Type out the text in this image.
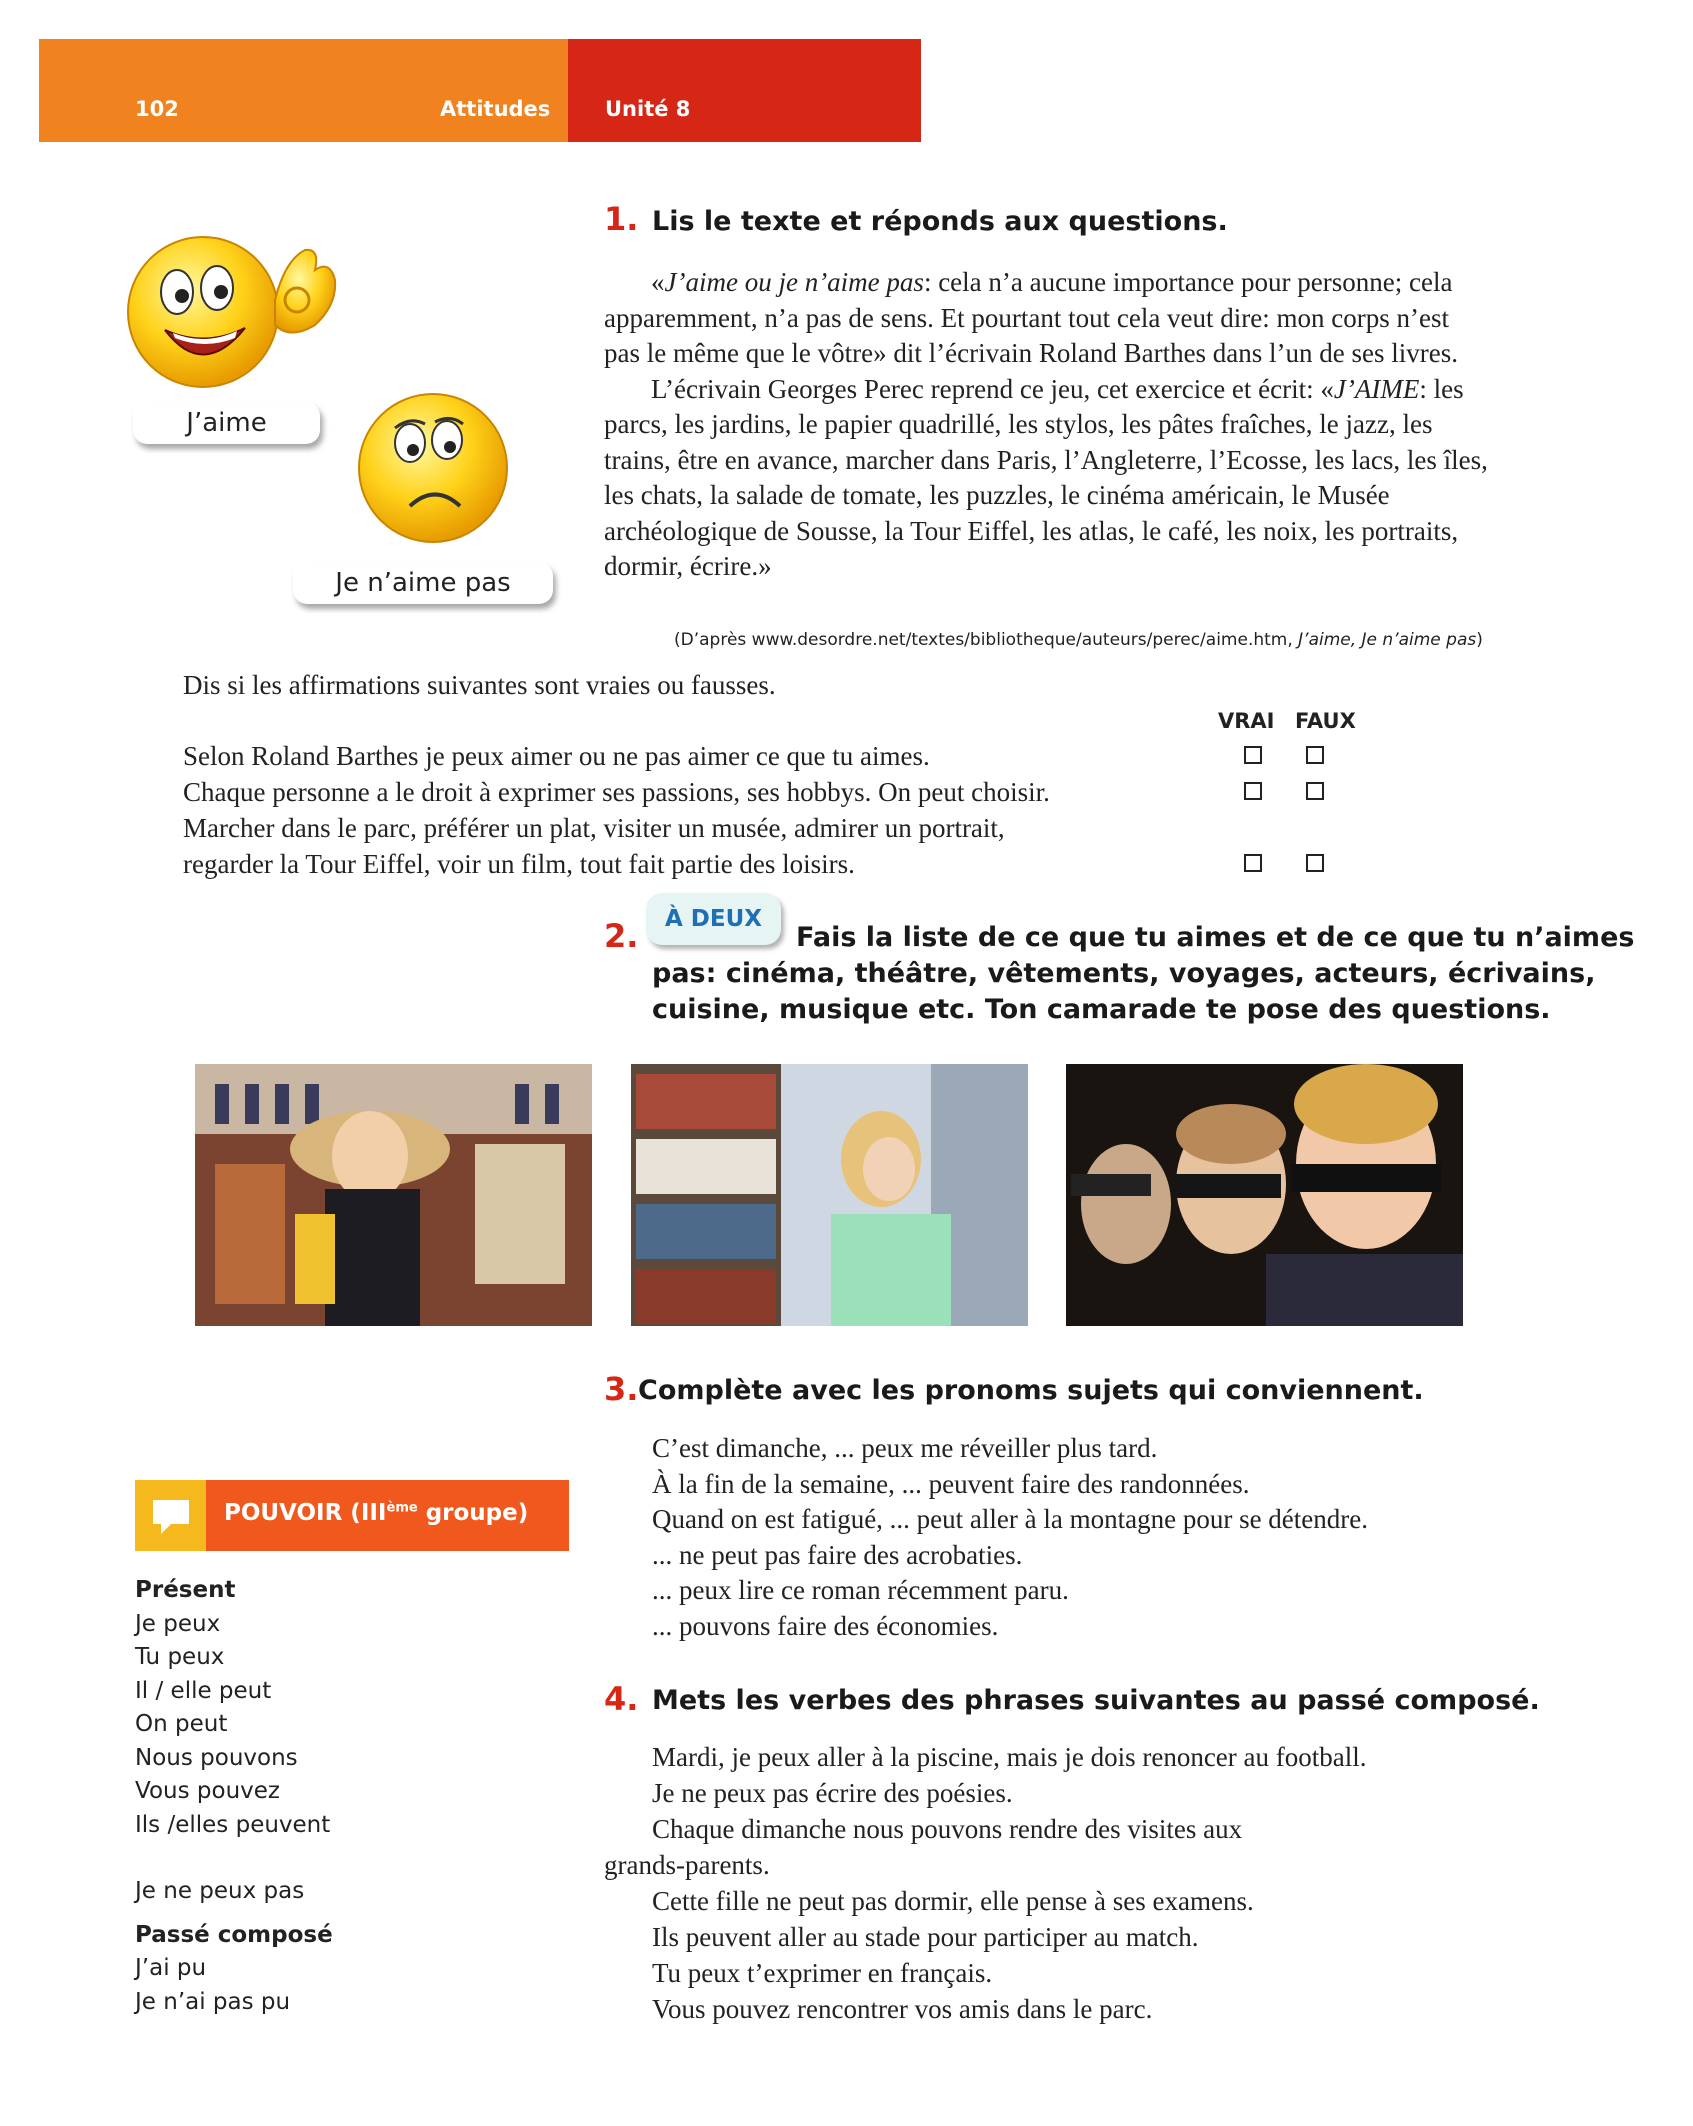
102	Attitudes	Unité 8
J’aime
Je n’aime pas
1. Lis le texte et réponds aux questions.

«J’aime ou je n’aime pas: cela n’a aucune importance pour personne; cela apparemment, n’a pas de sens. Et pourtant tout cela veut dire: mon corps n’est pas le même que le vôtre» dit l’écrivain Roland Barthes dans l’un de ses livres.

L’écrivain Georges Perec reprend ce jeu, cet exercice et écrit: «J’AIME: les parcs, les jardins, le papier quadrillé, les stylos, les pâtes fraîches, le jazz, les trains, être en avance, marcher dans Paris, l’Angleterre, l’Ecosse, les lacs, les îles, les chats, la salade de tomate, les puzzles, le cinéma américain, le Musée archéologique de Sousse, la Tour Eiffel, les atlas, le café, les noix, les portraits, dormir, écrire.»

(D’après www.desordre.net/textes/bibliotheque/auteurs/perec/aime.htm, J’aime, Je n’aime pas)
Dis si les affirmations suivantes sont vraies ou fausses.
VRAI FAUX
Selon Roland Barthes je peux aimer ou ne pas aimer ce que tu aimes.
Chaque personne a le droit à exprimer ses passions, ses hobbys. On peut choisir.
Marcher dans le parc, préférer un plat, visiter un musée, admirer un portrait,
regarder la Tour Eiffel, voir un film, tout fait partie des loisirs.
2.	À DEUX
Fais la liste de ce que tu aimes et de ce que tu n’aimes
pas: cinéma, théâtre, vêtements, voyages, acteurs, écrivains,
cuisine, musique etc. Ton camarade te pose des questions.
3. Complète avec les pronoms sujets qui conviennent.
C’est dimanche, ... peux me réveiller plus tard.
À la fin de la semaine, ... peuvent faire des randonnées.
Quand on est fatigué, ... peut aller à la montagne pour se détendre.
... ne peut pas faire des acrobaties.
... peux lire ce roman récemment paru.
... pouvons faire des économies.
4. Mets les verbes des phrases suivantes au passé composé.
Mardi, je peux aller à la piscine, mais je dois renoncer au football.
Je ne peux pas écrire des poésies.
Chaque dimanche nous pouvons rendre des visites aux
grands-parents.
Cette fille ne peut pas dormir, elle pense à ses examens.
Ils peuvent aller au stade pour participer au match.
Tu peux t’exprimer en français.
Vous pouvez rencontrer vos amis dans le parc.
POUVOIR (IIIème groupe)
Présent
Je peux
Tu peux
Il / elle peut
On peut
Nous pouvons
Vous pouvez
Ils /elles peuvent
Je ne peux pas
Passé composé
J’ai pu
Je n’ai pas pu
